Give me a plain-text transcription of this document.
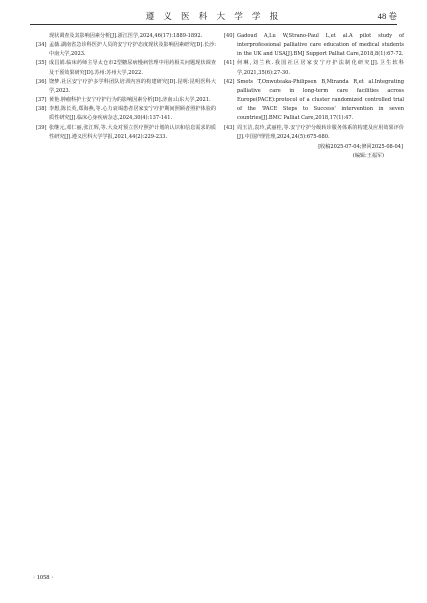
遵 义 医 科 大 学 学 报	48 卷
现状调查及其影响因素分析[J].浙江医学,2024,46(17):1889-1892.
[34] 孟薇.湖南省急诊科医护人员的安宁疗护态度现状及影响因素研究[D].长沙:中南大学,2023.
[35] 成昌娟.临床药师主导太仓市2型糖尿病慢病管理中用药相关问题现状调查及干预效果研究[D].苏州:苏州大学,2022.
[36] 饶梦.社区安宁疗护多学科团队培训内容的构建研究[D].昆明:昆明医科大学,2023.
[37] 黄艳.肿瘤科护士安宁疗护行为的影响因素分析[D].济南:山东大学,2021.
[38] 李想,陈长英,郑海燕,等.心力衰竭患者居家安宁疗护期间照顾者照护体验的质性研究[J].临床心身疾病杂志,2024,30(4):137-141.
[39] 张继元,邓仁丽,张江辉,等.大众对预立医疗照护计划的认识和信息需求的质性研究[J].遵义医科大学学报,2021,44(2):229-233.
[40] Gadoud A,Lu W,Strano-Paul L,et al.A pilot study of interprofessional palliative care education of medical students in the UK and USA[J].BMJ Support Palliat Care,2018,8(1):67-72.
[41] 何琳,刘兰秋.我国社区居家安宁疗护法制化研究[J].卫生软科学,2021,35(6):27-30.
[42] Smets T,Onwuteaka-Philipsen B,Miranda R,et al.Integrating palliative care in long-term care facilities across Europe(PACE):protocol of a cluster randomized controlled trial of the 'PACE Steps to Success' intervention in seven countries[J].BMC Palliat Care,2018,17(1):47.
[43] 周玉洁,袁玲,武丽桂,等.安宁疗护分级转诊服务体系的构建及应用效果评价[J].中国护理管理,2024,24(5):675-680.
[收稿2025-07-04;修回2025-08-04]
(编辑:王福军)
· 1058 ·
